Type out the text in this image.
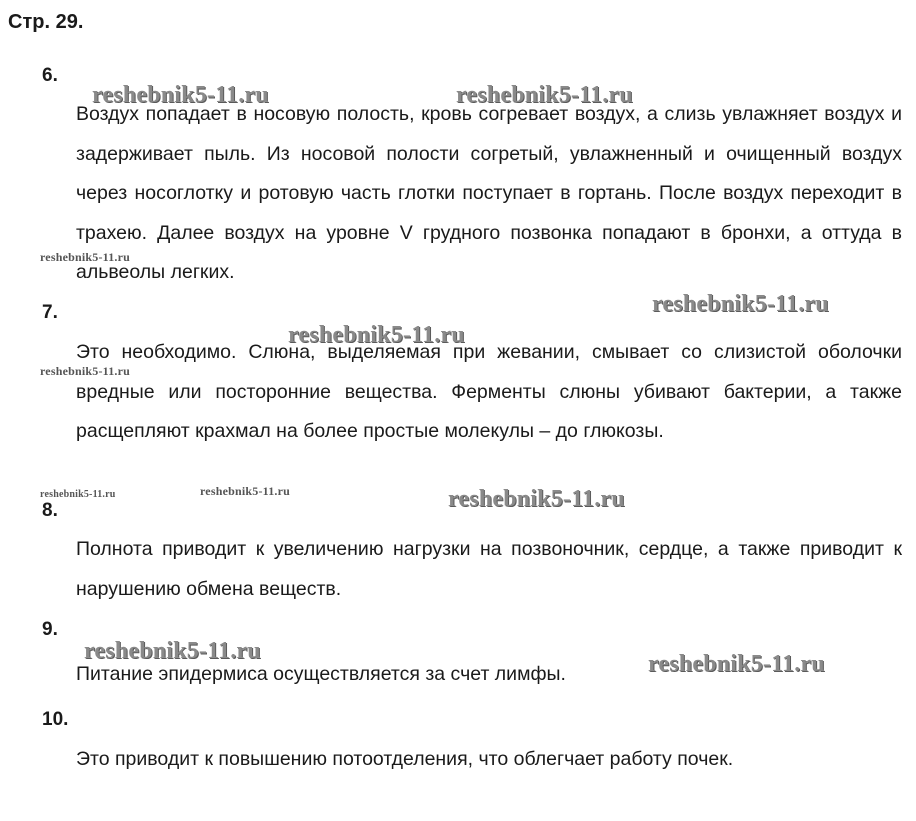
Стр. 29.
6.
Воздух попадает в носовую полость, кровь согревает воздух, а слизь увлажняет воздух и задерживает пыль. Из носовой полости согретый, увлажненный и очищенный воздух через носоглотку и ротовую часть глотки поступает в гортань. После воздух переходит в трахею. Далее воздух на уровне V грудного позвонка попадают в бронхи, а оттуда в альвеолы легких.
7.
Это необходимо. Слюна, выделяемая при жевании, смывает со слизистой оболочки вредные или посторонние вещества. Ферменты слюны убивают бактерии, а также расщепляют крахмал на более простые молекулы – до глюкозы.
8.
Полнота приводит к увеличению нагрузки на позвоночник, сердце, а также приводит к нарушению обмена веществ.
9.
Питание эпидермиса осуществляется за счет лимфы.
10.
Это приводит к повышению потоотделения, что облегчает работу почек.
reshebnik5-11.ru	reshebnik5-11.ru
reshebnik5-11.ru
reshebnik5-11.ru
reshebnik5-11.ru
reshebnik5-11.ru
reshebnik5-11.ru	reshebnik5-11.ru	reshebnik5-11.ru
reshebnik5-11.ru	reshebnik5-11.ru
